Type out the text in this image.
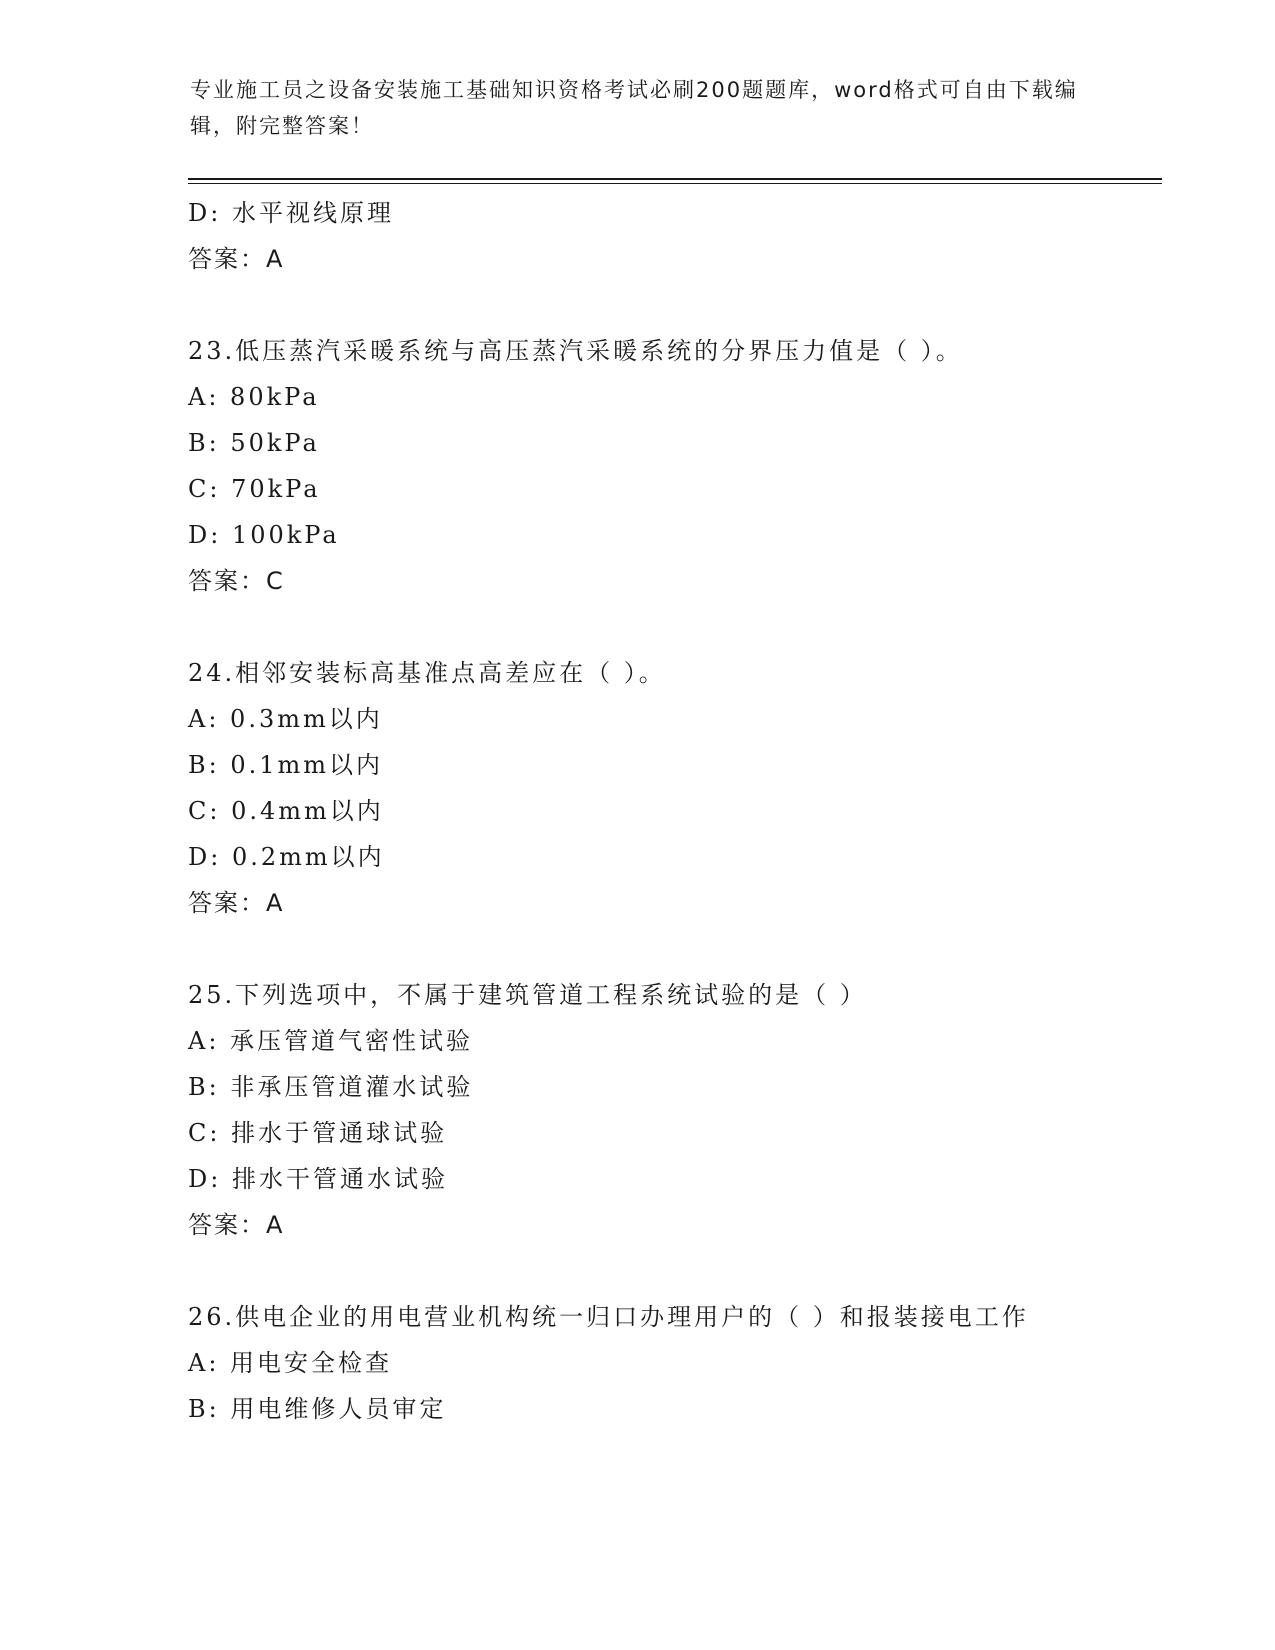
专业施工员之设备安装施工基础知识资格考试必刷200题题库，word格式可自由下载编辑，附完整答案！
D: 水平视线原理
答案：A
23.低压蒸汽采暖系统与高压蒸汽采暖系统的分界压力值是（ ）。
A: 80kPa
B: 50kPa
C: 70kPa
D: 100kPa
答案：C
24.相邻安装标高基准点高差应在（ ）。
A: 0.3mm以内
B: 0.1mm以内
C: 0.4mm以内
D: 0.2mm以内
答案：A
25.下列选项中，不属于建筑管道工程系统试验的是（ ）
A: 承压管道气密性试验
B: 非承压管道灌水试验
C: 排水于管通球试验
D: 排水干管通水试验
答案：A
26.供电企业的用电营业机构统一归口办理用户的（ ）和报装接电工作
A: 用电安全检查
B: 用电维修人员审定
